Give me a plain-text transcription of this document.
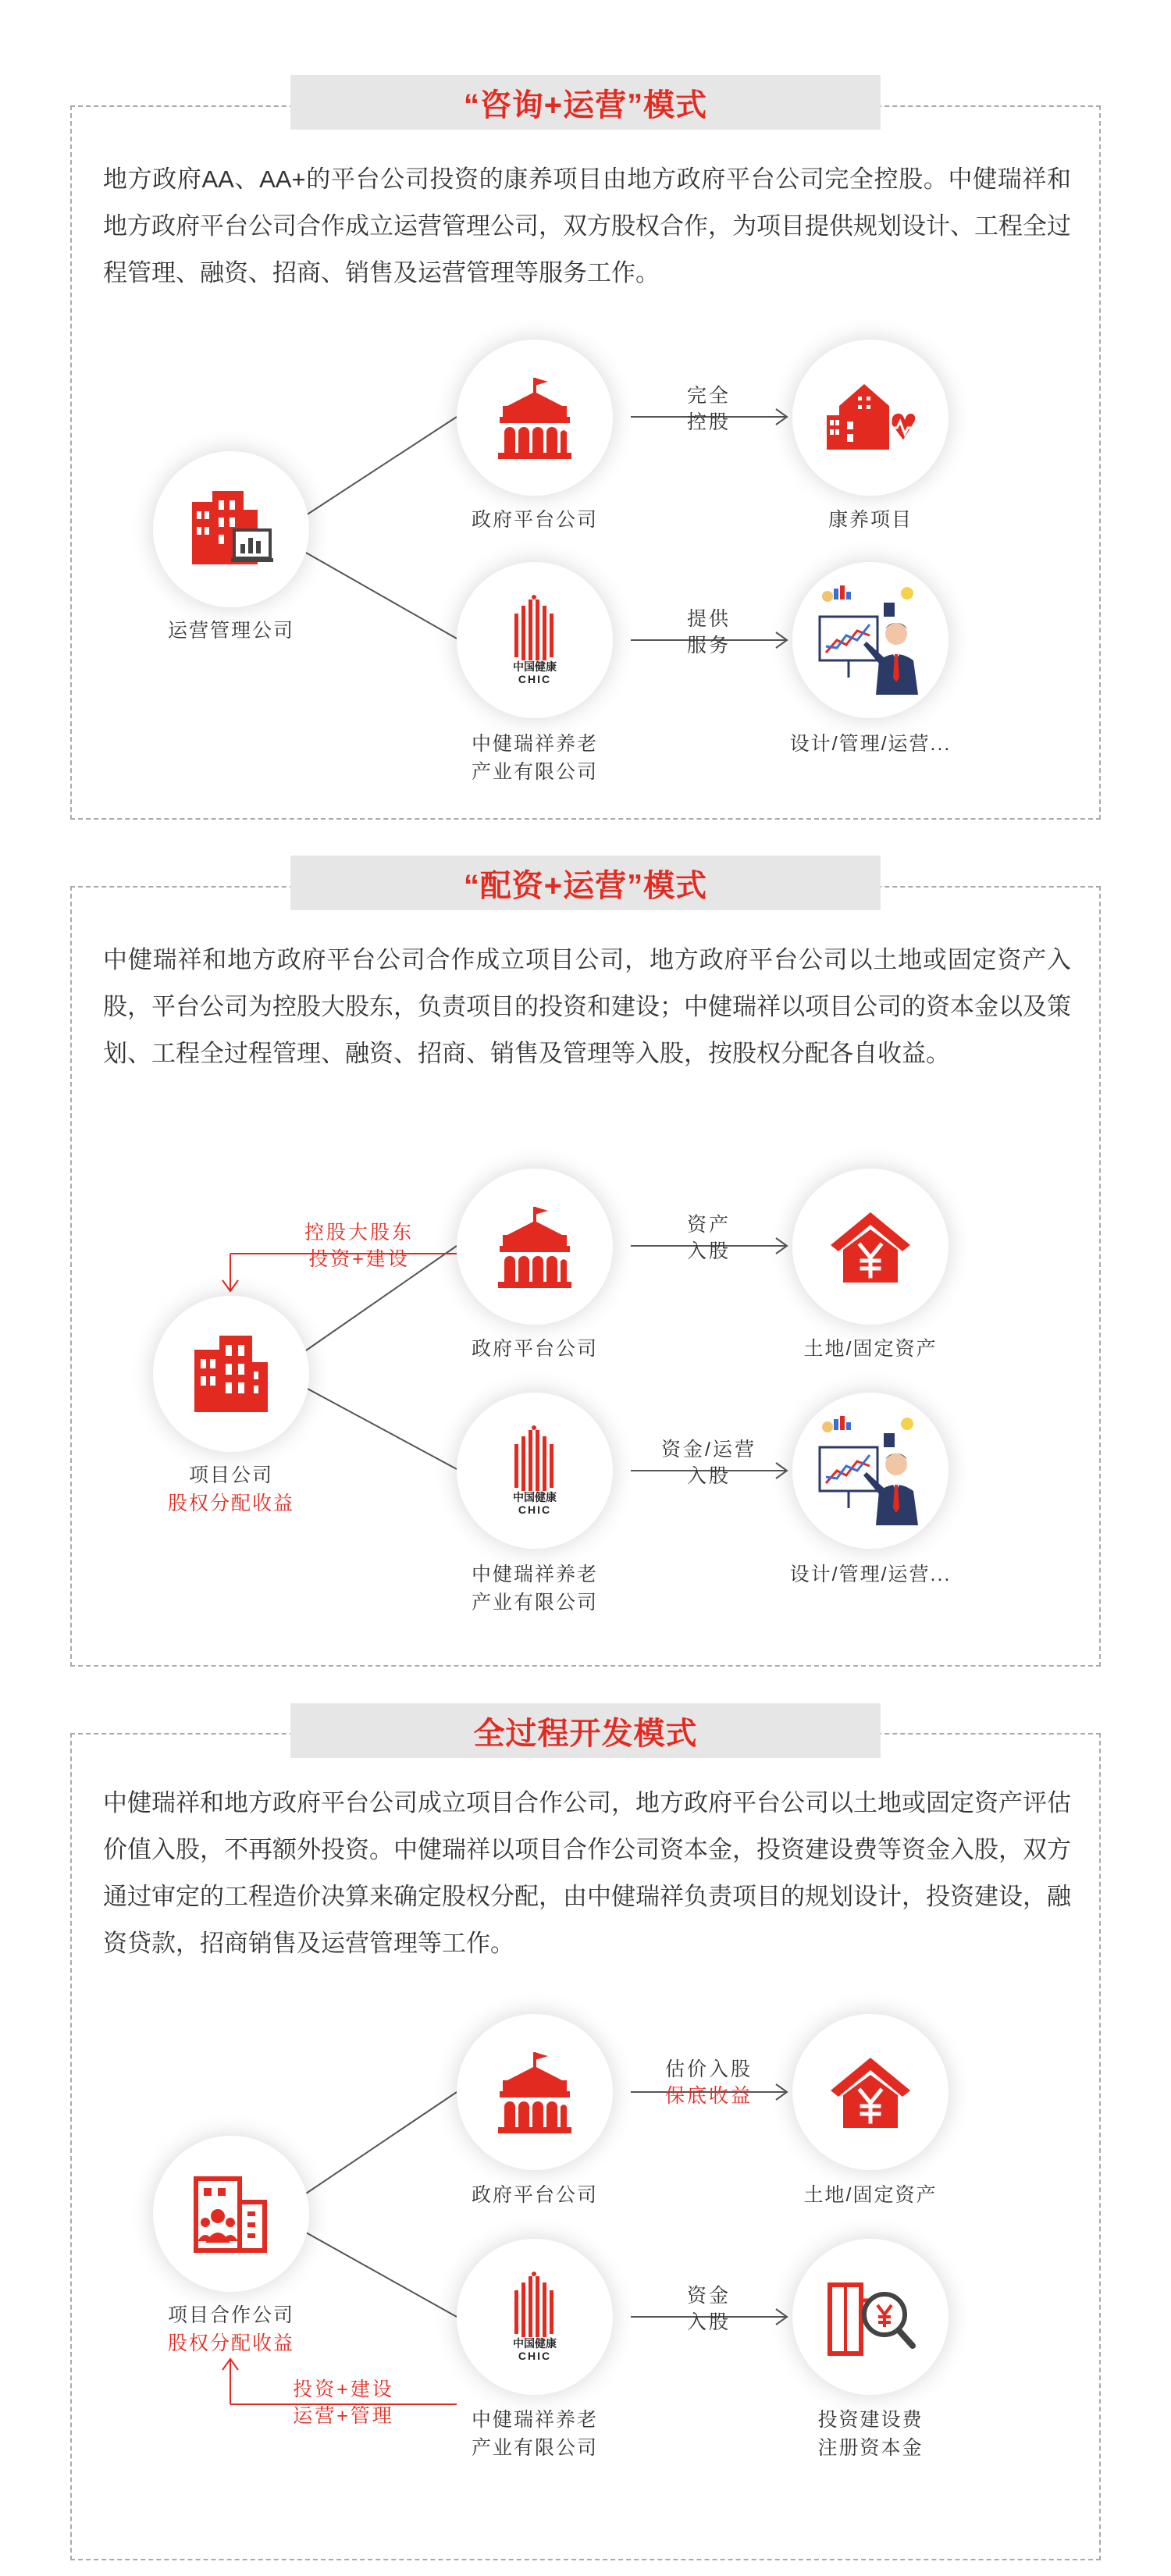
“咨询+运营”模式
地方政府AA、AA+的平台公司投资的康养项目由地方政府平台公司完全控股。中健瑞祥和地方政府平台公司合作成立运营管理公司，双方股权合作，为项目提供规划设计、工程全过程管理、融资、招商、销售及运营管理等服务工作。
运营管理公司
政府平台公司
中国健康
CHIC
中健瑞祥养老
产业有限公司
完全
控股
提供
服务
康养项目
设计/管理/运营...
“配资+运营”模式
中健瑞祥和地方政府平台公司合作成立项目公司，地方政府平台公司以土地或固定资产入股，平台公司为控股大股东，负责项目的投资和建设；中健瑞祥以项目公司的资本金以及策划、工程全过程管理、融资、招商、销售及管理等入股，按股权分配各自收益。
控股大股东
投资+建设
项目公司
股权分配收益
政府平台公司
中国健康
CHIC
中健瑞祥养老
产业有限公司
资产
入股
资金/运营
入股
土地/固定资产
设计/管理/运营...
全过程开发模式
中健瑞祥和地方政府平台公司成立项目合作公司，地方政府平台公司以土地或固定资产评估价值入股，不再额外投资。中健瑞祥以项目合作公司资本金，投资建设费等资金入股，双方通过审定的工程造价决算来确定股权分配，由中健瑞祥负责项目的规划设计，投资建设，融资贷款，招商销售及运营管理等工作。
投资+建设
运营+管理
项目合作公司
股权分配收益
政府平台公司
中国健康
CHIC
中健瑞祥养老
产业有限公司
估价入股
保底收益
资金
入股
土地/固定资产
投资建设费
注册资本金
